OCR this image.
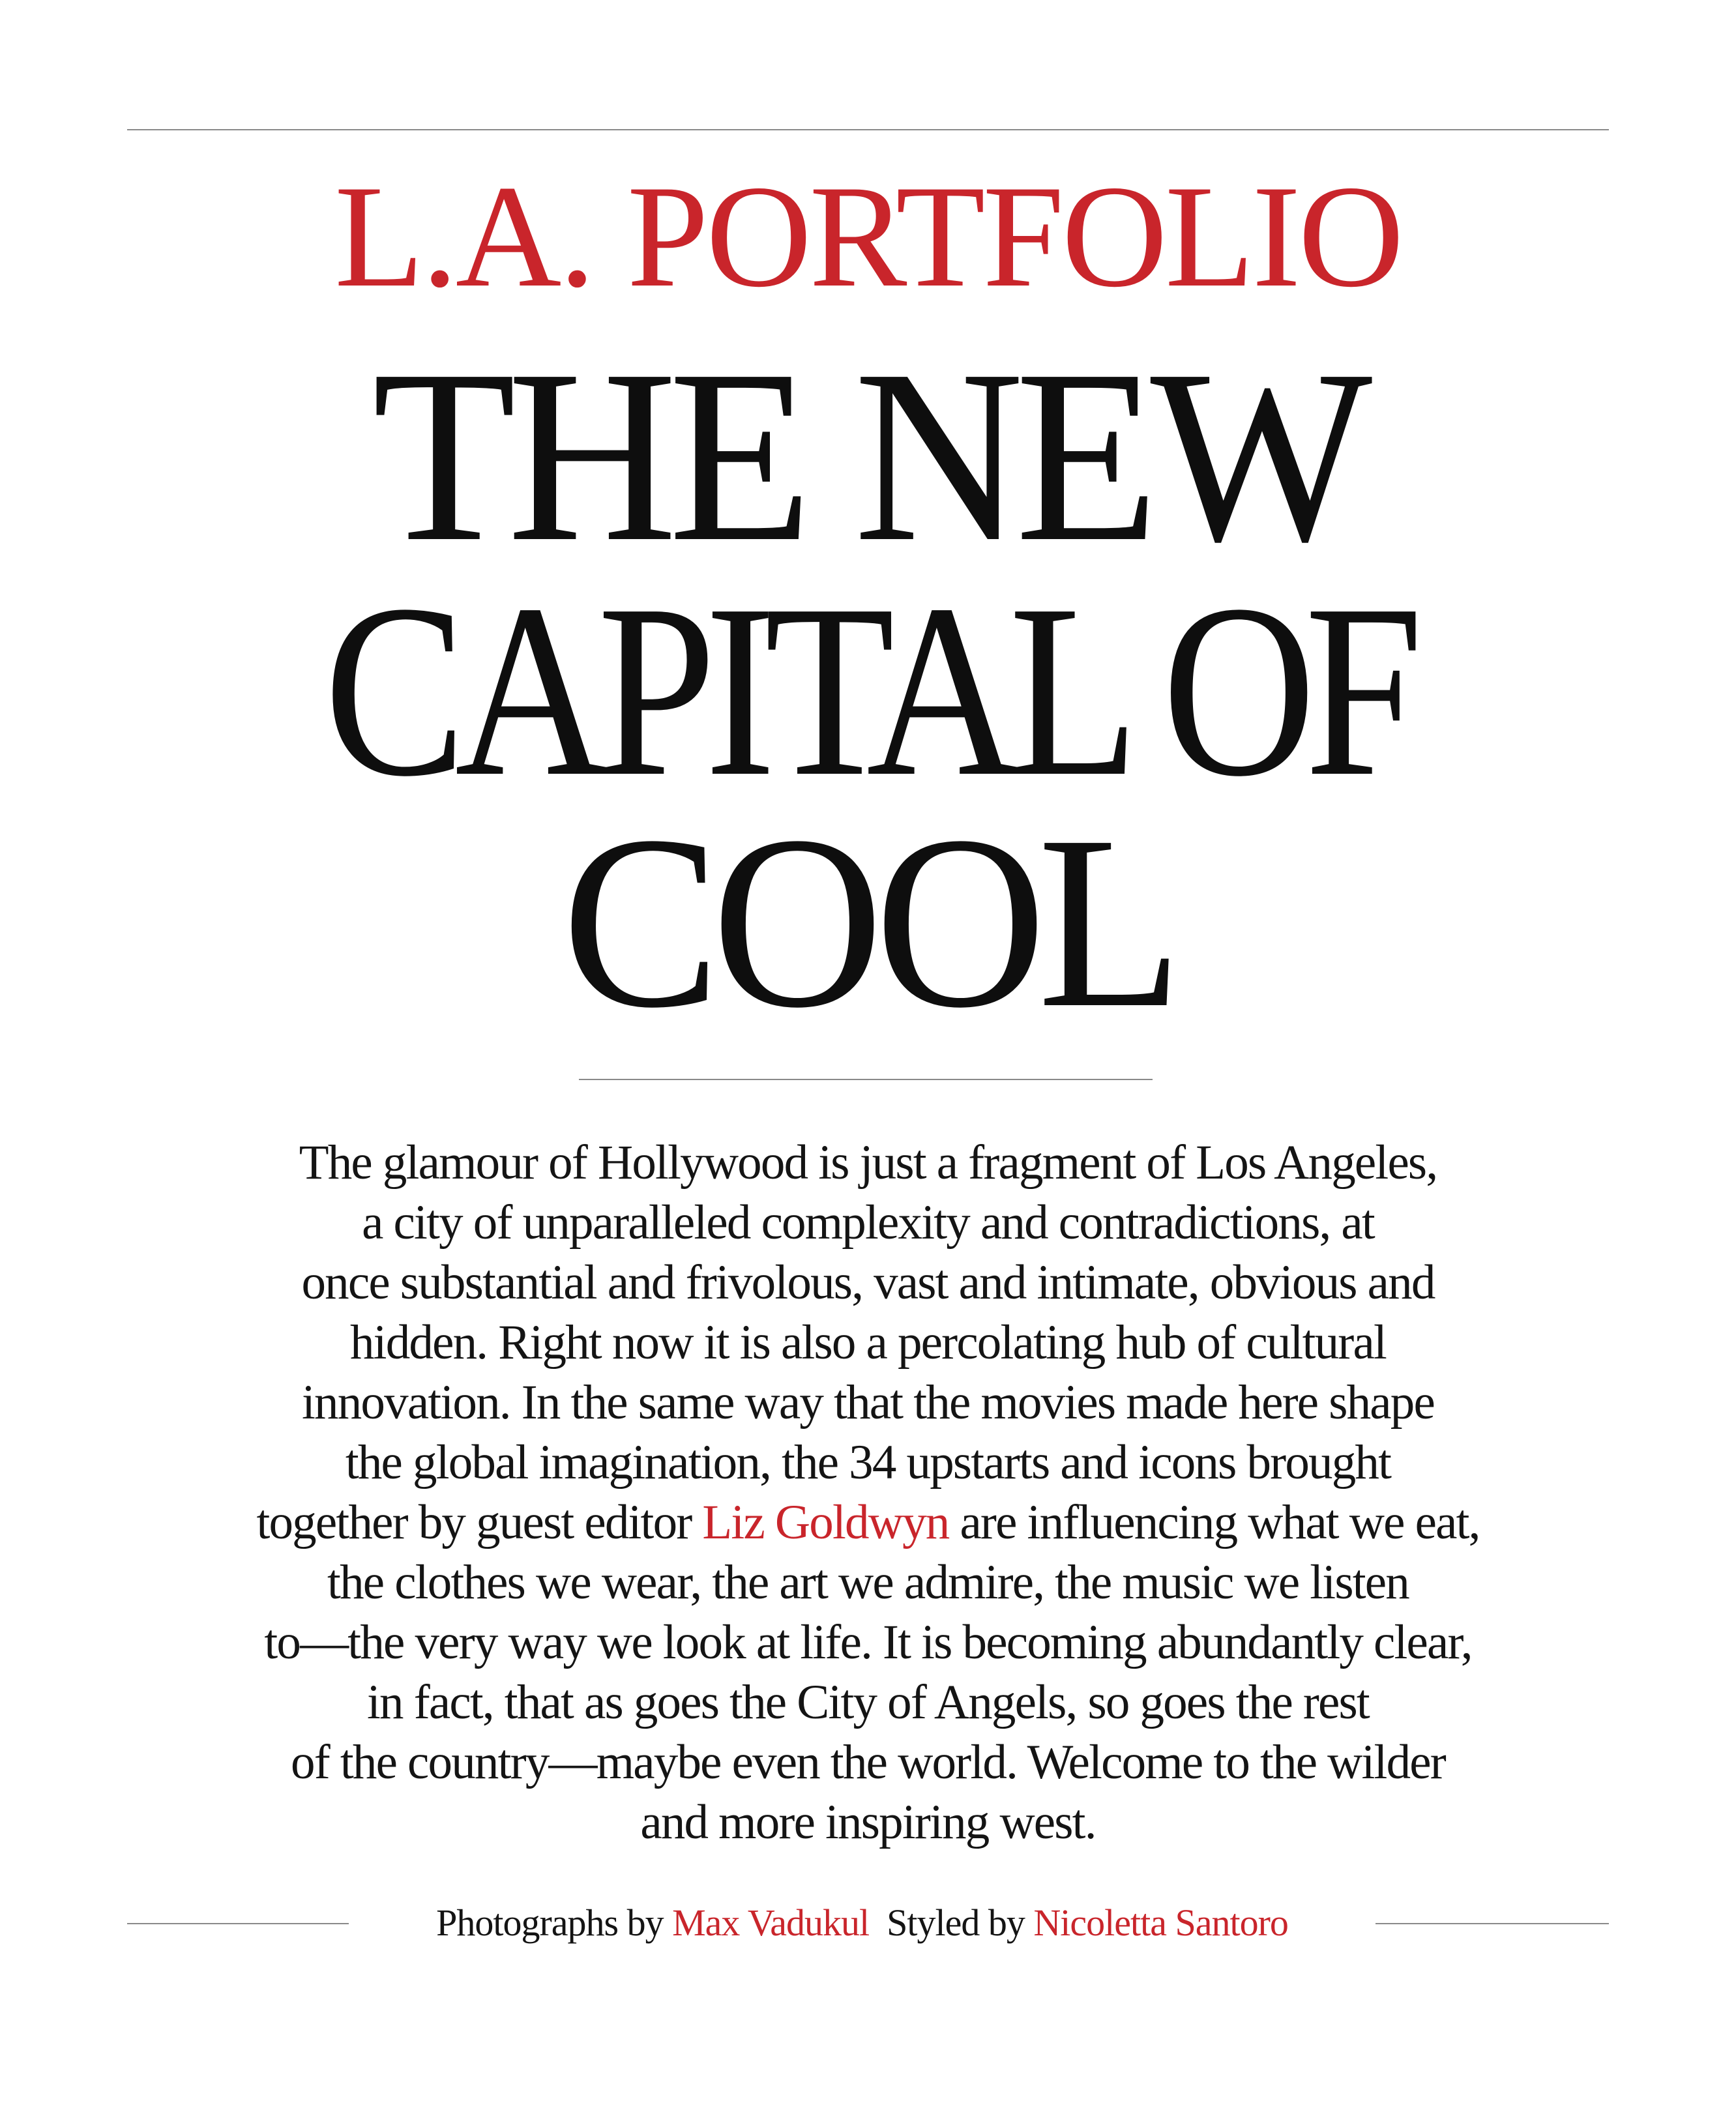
L.A. PORTFOLIO
THE NEW
CAPITAL OF
COOL
The glamour of Hollywood is just a fragment of Los Angeles,
a city of unparalleled complexity and contradictions, at
once substantial and frivolous, vast and intimate, obvious and
hidden. Right now it is also a percolating hub of cultural
innovation. In the same way that the movies made here shape
the global imagination, the 34 upstarts and icons brought
together by guest editor Liz Goldwyn are influencing what we eat,
the clothes we wear, the art we admire, the music we listen
to—the very way we look at life. It is becoming abundantly clear,
in fact, that as goes the City of Angels, so goes the rest
of the country—maybe even the world. Welcome to the wilder
and more inspiring west.
Photographs by Max Vadukul Styled by Nicoletta Santoro
